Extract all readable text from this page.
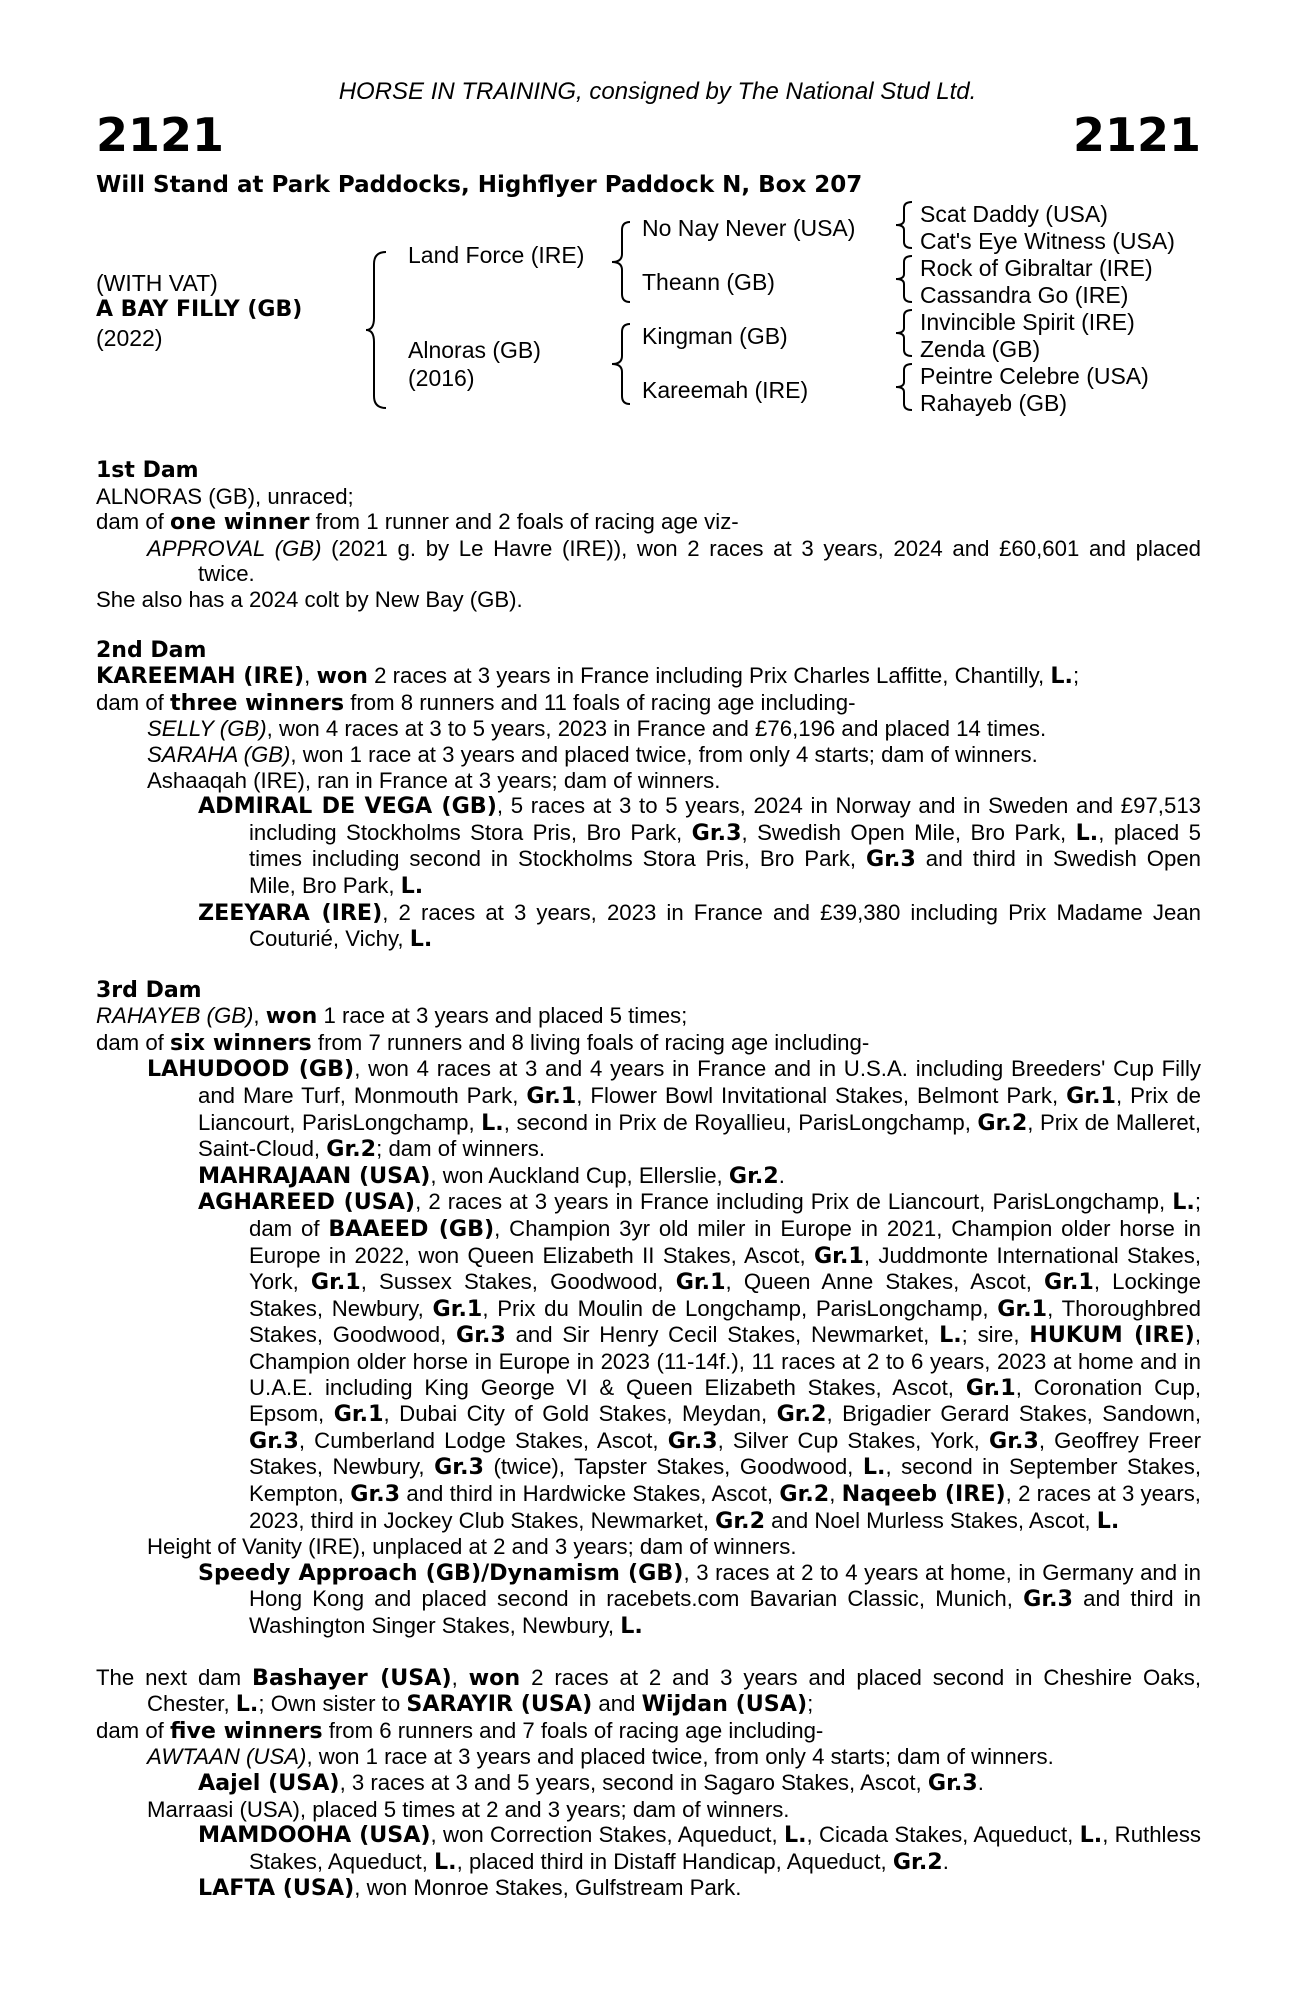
HORSE IN TRAINING, consigned by The National Stud Ltd.
2121	2121
Will Stand at Park Paddocks, Highflyer Paddock N, Box 207
(WITH VAT)
A BAY FILLY (GB)
(2022)
Land Force (IRE)
Alnoras (GB)
(2016)
No Nay Never (USA)
Theann (GB)
Kingman (GB)
Kareemah (IRE)
Scat Daddy (USA)
Cat's Eye Witness (USA)
Rock of Gibraltar (IRE)
Cassandra Go (IRE)
Invincible Spirit (IRE)
Zenda (GB)
Peintre Celebre (USA)
Rahayeb (GB)

1st Dam

ALNORAS (GB), unraced;

dam of one winner from 1 runner and 2 foals of racing age viz-

APPROVAL (GB) (2021 g. by Le Havre (IRE)), won 2 races at 3 years, 2024 and £60,601 and placed twice.

She also has a 2024 colt by New Bay (GB).

2nd Dam

KAREEMAH (IRE), won 2 races at 3 years in France including Prix Charles Laffitte, Chantilly, L.;

dam of three winners from 8 runners and 11 foals of racing age including-

SELLY (GB), won 4 races at 3 to 5 years, 2023 in France and £76,196 and placed 14 times.

SARAHA (GB), won 1 race at 3 years and placed twice, from only 4 starts; dam of winners.

Ashaaqah (IRE), ran in France at 3 years; dam of winners.

ADMIRAL DE VEGA (GB), 5 races at 3 to 5 years, 2024 in Norway and in Sweden and £97,513 including Stockholms Stora Pris, Bro Park, Gr.3, Swedish Open Mile, Bro Park, L., placed 5 times including second in Stockholms Stora Pris, Bro Park, Gr.3 and third in Swedish Open Mile, Bro Park, L.

ZEEYARA (IRE), 2 races at 3 years, 2023 in France and £39,380 including Prix Madame Jean Couturié, Vichy, L.

3rd Dam

RAHAYEB (GB), won 1 race at 3 years and placed 5 times;

dam of six winners from 7 runners and 8 living foals of racing age including-

LAHUDOOD (GB), won 4 races at 3 and 4 years in France and in U.S.A. including Breeders' Cup Filly and Mare Turf, Monmouth Park, Gr.1, Flower Bowl Invitational Stakes, Belmont Park, Gr.1, Prix de Liancourt, ParisLongchamp, L., second in Prix de Royallieu, ParisLongchamp, Gr.2, Prix de Malleret, Saint-Cloud, Gr.2; dam of winners.

MAHRAJAAN (USA), won Auckland Cup, Ellerslie, Gr.2.

AGHAREED (USA), 2 races at 3 years in France including Prix de Liancourt, ParisLongchamp, L.; dam of BAAEED (GB), Champion 3yr old miler in Europe in 2021, Champion older horse in Europe in 2022, won Queen Elizabeth II Stakes, Ascot, Gr.1, Juddmonte International Stakes, York, Gr.1, Sussex Stakes, Goodwood, Gr.1, Queen Anne Stakes, Ascot, Gr.1, Lockinge Stakes, Newbury, Gr.1, Prix du Moulin de Longchamp, ParisLongchamp, Gr.1, Thoroughbred Stakes, Goodwood, Gr.3 and Sir Henry Cecil Stakes, Newmarket, L.; sire, HUKUM (IRE), Champion older horse in Europe in 2023 (11-14f.), 11 races at 2 to 6 years, 2023 at home and in U.A.E. including King George VI & Queen Elizabeth Stakes, Ascot, Gr.1, Coronation Cup, Epsom, Gr.1, Dubai City of Gold Stakes, Meydan, Gr.2, Brigadier Gerard Stakes, Sandown, Gr.3, Cumberland Lodge Stakes, Ascot, Gr.3, Silver Cup Stakes, York, Gr.3, Geoffrey Freer Stakes, Newbury, Gr.3 (twice), Tapster Stakes, Goodwood, L., second in September Stakes, Kempton, Gr.3 and third in Hardwicke Stakes, Ascot, Gr.2, Naqeeb (IRE), 2 races at 3 years, 2023, third in Jockey Club Stakes, Newmarket, Gr.2 and Noel Murless Stakes, Ascot, L.

Height of Vanity (IRE), unplaced at 2 and 3 years; dam of winners.

Speedy Approach (GB)/Dynamism (GB), 3 races at 2 to 4 years at home, in Germany and in Hong Kong and placed second in racebets.com Bavarian Classic, Munich, Gr.3 and third in Washington Singer Stakes, Newbury, L.

The next dam Bashayer (USA), won 2 races at 2 and 3 years and placed second in Cheshire Oaks, Chester, L.; Own sister to SARAYIR (USA) and Wijdan (USA);

dam of five winners from 6 runners and 7 foals of racing age including-

AWTAAN (USA), won 1 race at 3 years and placed twice, from only 4 starts; dam of winners.

Aajel (USA), 3 races at 3 and 5 years, second in Sagaro Stakes, Ascot, Gr.3.

Marraasi (USA), placed 5 times at 2 and 3 years; dam of winners.

MAMDOOHA (USA), won Correction Stakes, Aqueduct, L., Cicada Stakes, Aqueduct, L., Ruthless Stakes, Aqueduct, L., placed third in Distaff Handicap, Aqueduct, Gr.2.

LAFTA (USA), won Monroe Stakes, Gulfstream Park.
